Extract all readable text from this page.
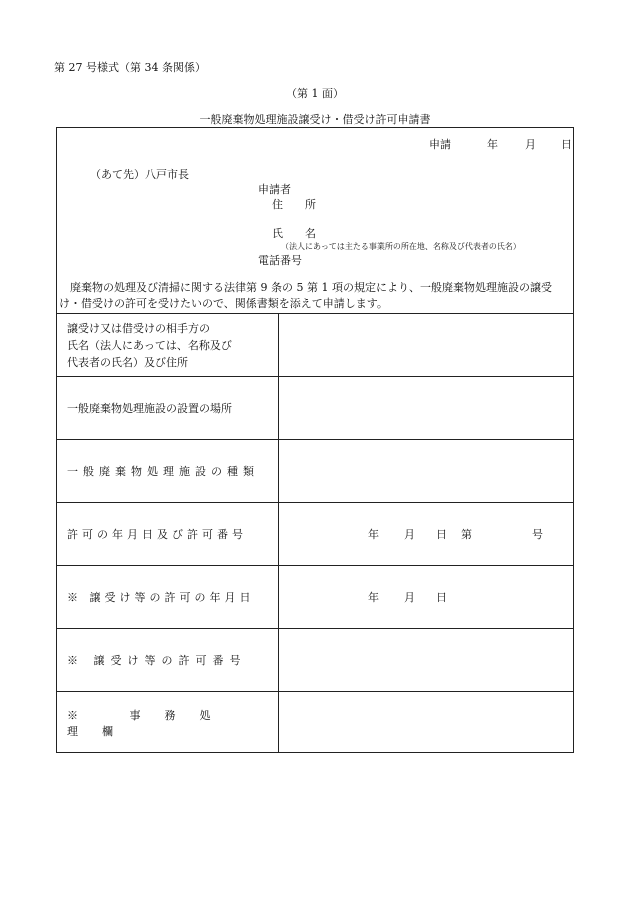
第 27 号様式（第 34 条関係）
（第 1 面）
一般廃棄物処理施設譲受け・借受け許可申請書
申請	年 月 日
（あて先）八戸市長
申請者
住　　所
氏　　名
（法人にあっては主たる事業所の所在地、名称及び代表者の氏名）
電話番号
　廃棄物の処理及び清掃に関する法律第 9 条の 5 第 1 項の規定により、一般廃棄物処理施設の譲受
け・借受けの許可を受けたいので、関係書類を添えて申請します。
譲受け又は借受けの相手方の
氏名（法人にあっては、名称及び
代表者の氏名）及び住所
一般廃棄物処理施設の設置の場所
一般廃棄物処理施設の種類
許可の年月日及び許可番号	年 月 日 第	号
※ 譲受け等の許可の年月日	年 月 日
※ 譲受け等の許可番号
※ 事務処理欄
